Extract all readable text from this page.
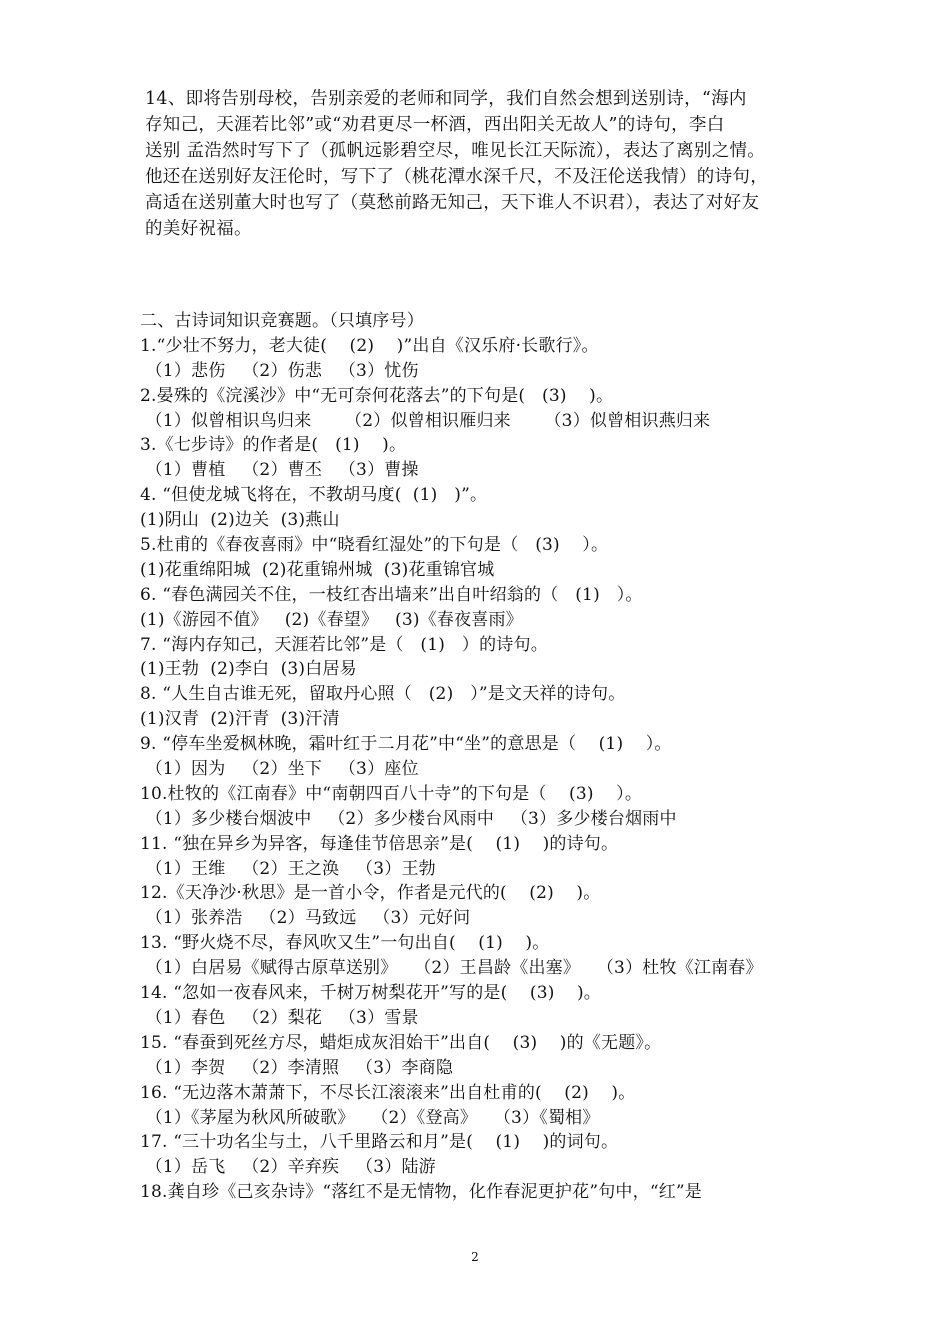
14、即将告别母校，告别亲爱的老师和同学，我们自然会想到送别诗，“海内
存知己，天涯若比邻”或“劝君更尽一杯酒，西出阳关无故人”的诗句，李白
送别 孟浩然时写下了（孤帆远影碧空尽，唯见长江天际流），表达了离别之情。
他还在送别好友汪伦时，写下了（桃花潭水深千尺，不及汪伦送我情）的诗句，
高适在送别董大时也写了（莫愁前路无知己，天下谁人不识君），表达了对好友
的美好祝福。

二、古诗词知识竞赛题。（只填序号）
1.“少壮不努力，老大徒(    (2)    )”出自《汉乐府·长歌行》。
（1）悲伤   （2）伤悲   （3）忧伤
2.晏殊的《浣溪沙》中“无可奈何花落去”的下句是(   (3)    )。
（1）似曾相识鸟归来      （2）似曾相识雁归来      （3）似曾相识燕归来
3.《七步诗》的作者是(   (1)    )。
（1）曹植   （2）曹丕   （3）曹操
4. “但使龙城飞将在，不教胡马度(  (1)   )”。
(1)阴山  (2)边关  (3)燕山
5.杜甫的《春夜喜雨》中“晓看红湿处”的下句是（   (3)    ）。
(1)花重绵阳城  (2)花重锦州城  (3)花重锦官城
6. “春色满园关不住，一枝红杏出墙来”出自叶绍翁的（   (1)   ）。
(1)《游园不值》   (2)《春望》   (3)《春夜喜雨》
7. “海内存知己，天涯若比邻”是（   (1)   ）的诗句。
(1)王勃  (2)李白  (3)白居易
8. “人生自古谁无死，留取丹心照（   (2)   ）”是文天祥的诗句。
(1)汉青  (2)汗青  (3)汗清
9. “停车坐爱枫林晚，霜叶红于二月花”中“坐”的意思是（    (1)    ）。
（1）因为   （2）坐下   （3）座位
10.杜牧的《江南春》中“南朝四百八十寺”的下句是（    (3)    ）。
（1）多少楼台烟波中   （2）多少楼台风雨中   （3）多少楼台烟雨中
11. “独在异乡为异客，每逢佳节倍思亲”是(    (1)    )的诗句。
（1）王维   （2）王之涣   （3）王勃
12.《天净沙·秋思》是一首小令，作者是元代的(    (2)    )。
（1）张养浩   （2）马致远   （3）元好问
13. “野火烧不尽，春风吹又生”一句出自(    (1)    )。
（1）白居易《赋得古原草送别》   （2）王昌龄《出塞》   （3）杜牧《江南春》
14. “忽如一夜春风来，千树万树梨花开”写的是(    (3)    )。
（1）春色   （2）梨花   （3）雪景
15. “春蚕到死丝方尽，蜡炬成灰泪始干”出自(    (3)    )的《无题》。
（1）李贺   （2）李清照   （3）李商隐
16. “无边落木萧萧下，不尽长江滚滚来”出自杜甫的(    (2)    )。
（1）《茅屋为秋风所破歌》   （2）《登高》   （3）《蜀相》
17. “三十功名尘与土，八千里路云和月”是(    (1)    )的词句。
（1）岳飞   （2）辛弃疾   （3）陆游
18.龚自珍《己亥杂诗》“落红不是无情物，化作春泥更护花”句中，“红”是
2
